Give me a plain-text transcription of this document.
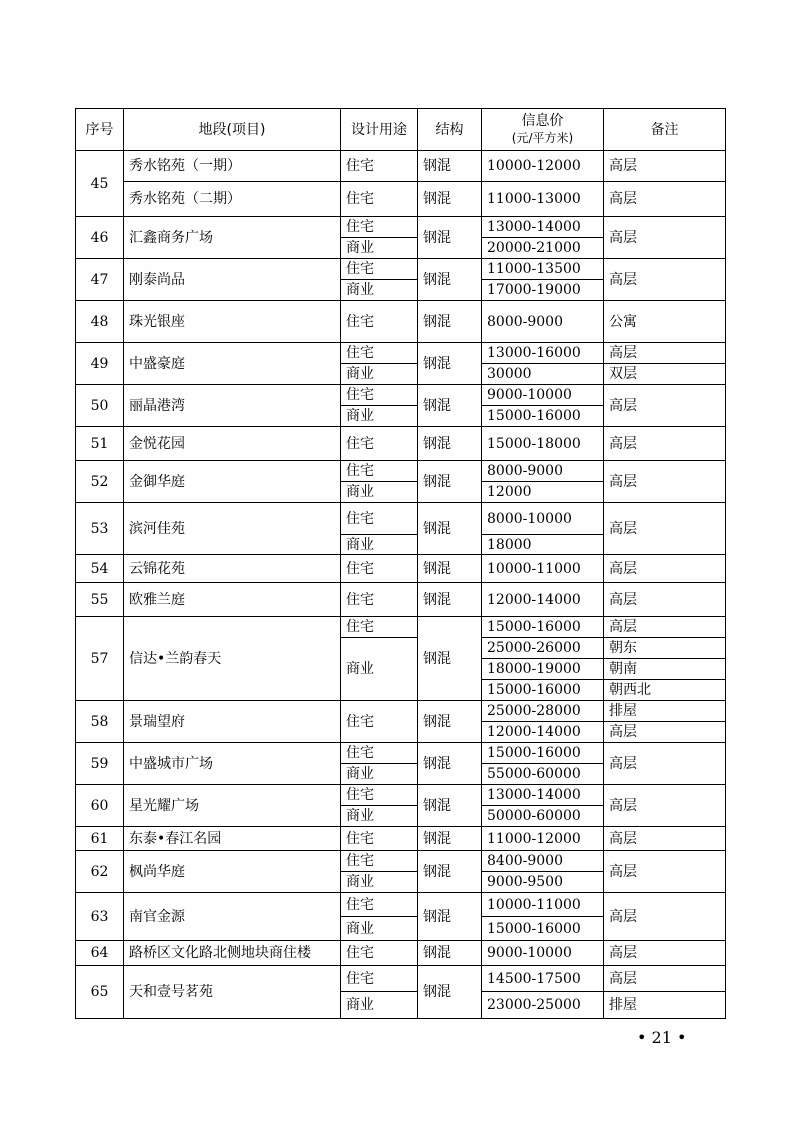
序号	地段(项目)	设计用途	结构	信息价
(元/平方米)	备注
45	秀水铭苑（一期）	住宅	钢混	10000-12000	高层
	秀水铭苑（二期）	住宅	钢混	11000-13000	高层
46	汇鑫商务广场	住宅	钢混	13000-14000	高层
		商业		20000-21000	
47	刚泰尚品	住宅	钢混	11000-13500	高层
		商业		17000-19000	
48	珠光银座	住宅	钢混	8000-9000	公寓
49	中盛豪庭	住宅	钢混	13000-16000	高层
		商业		30000	双层
50	丽晶港湾	住宅	钢混	9000-10000	高层
		商业		15000-16000	
51	金悦花园	住宅	钢混	15000-18000	高层
52	金御华庭	住宅	钢混	8000-9000	高层
		商业		12000	
53	滨河佳苑	住宅	钢混	8000-10000	高层
		商业		18000	
54	云锦花苑	住宅	钢混	10000-11000	高层
55	欧雅兰庭	住宅	钢混	12000-14000	高层
57	信达•兰韵春天	住宅	钢混	15000-16000	高层
		商业		25000-26000	朝东
				18000-19000	朝南
				15000-16000	朝西北
58	景瑞望府	住宅	钢混	25000-28000	排屋
				12000-14000	高层
59	中盛城市广场	住宅	钢混	15000-16000	高层
		商业		55000-60000	
60	星光耀广场	住宅	钢混	13000-14000	高层
		商业		50000-60000	
61	东泰•春江名园	住宅	钢混	11000-12000	高层
62	枫尚华庭	住宅	钢混	8400-9000	高层
		商业		9000-9500	
63	南官金源	住宅	钢混	10000-11000	高层
		商业		15000-16000	
64	路桥区文化路北侧地块商住楼	住宅	钢混	9000-10000	高层
65	天和壹号茗苑	住宅	钢混	14500-17500	高层
		商业		23000-25000	排屋
• 21 •
